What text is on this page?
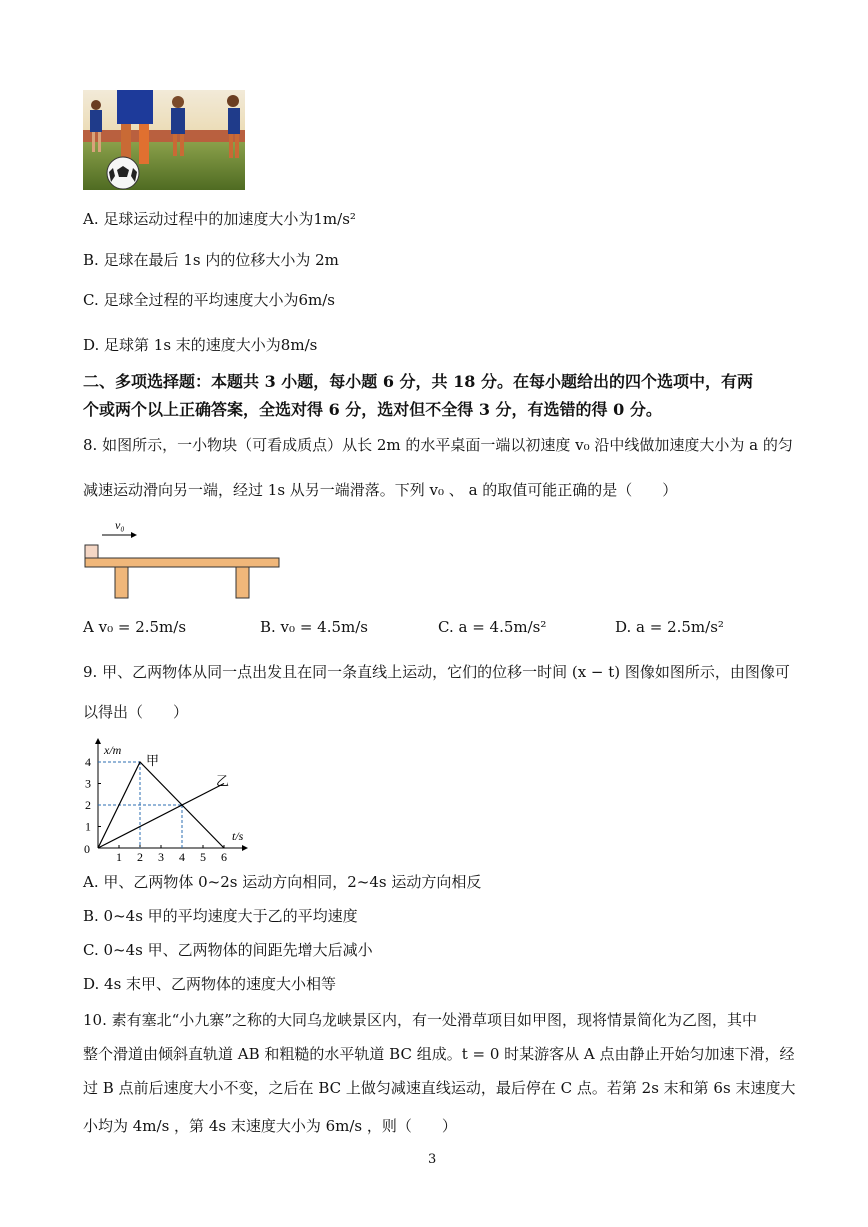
A. 足球运动过程中的加速度大小为1m/s²
B. 足球在最后 1s 内的位移大小为 2m
C. 足球全过程的平均速度大小为6m/s
D. 足球第 1s 末的速度大小为8m/s
二、多项选择题：本题共 3 小题，每小题 6 分，共 18 分。在每小题给出的四个选项中，有两
个或两个以上正确答案，全选对得 6 分，选对但不全得 3 分，有选错的得 0 分。
8. 如图所示，一小物块（可看成质点）从长 2m 的水平桌面一端以初速度 v₀ 沿中线做加速度大小为 a 的匀
减速运动滑向另一端，经过 1s 从另一端滑落。下列 v₀ 、 a 的取值可能正确的是（　　）
v₀
A v₀ = 2.5m/s	B. v₀ = 4.5m/s	C. a = 4.5m/s²	D. a = 2.5m/s²
9. 甲、乙两物体从同一点出发且在同一条直线上运动，它们的位移一时间 (x − t) 图像如图所示，由图像可
以得出（　　）
x/m
t/s
0
1 2 3 4 5 6
1
2
3
4	甲
乙
A. 甲、乙两物体 0~2s 运动方向相同，2~4s 运动方向相反
B. 0~4s 甲的平均速度大于乙的平均速度
C. 0~4s 甲、乙两物体的间距先增大后减小
D. 4s 末甲、乙两物体的速度大小相等
10. 素有塞北“小九寨”之称的大同乌龙峡景区内，有一处滑草项目如甲图，现将情景简化为乙图，其中
整个滑道由倾斜直轨道 AB 和粗糙的水平轨道 BC 组成。t = 0 时某游客从 A 点由静止开始匀加速下滑，经
过 B 点前后速度大小不变，之后在 BC 上做匀减速直线运动，最后停在 C 点。若第 2s 末和第 6s 末速度大
小均为 4m/s ，第 4s 末速度大小为 6m/s ，则（　　）
3
